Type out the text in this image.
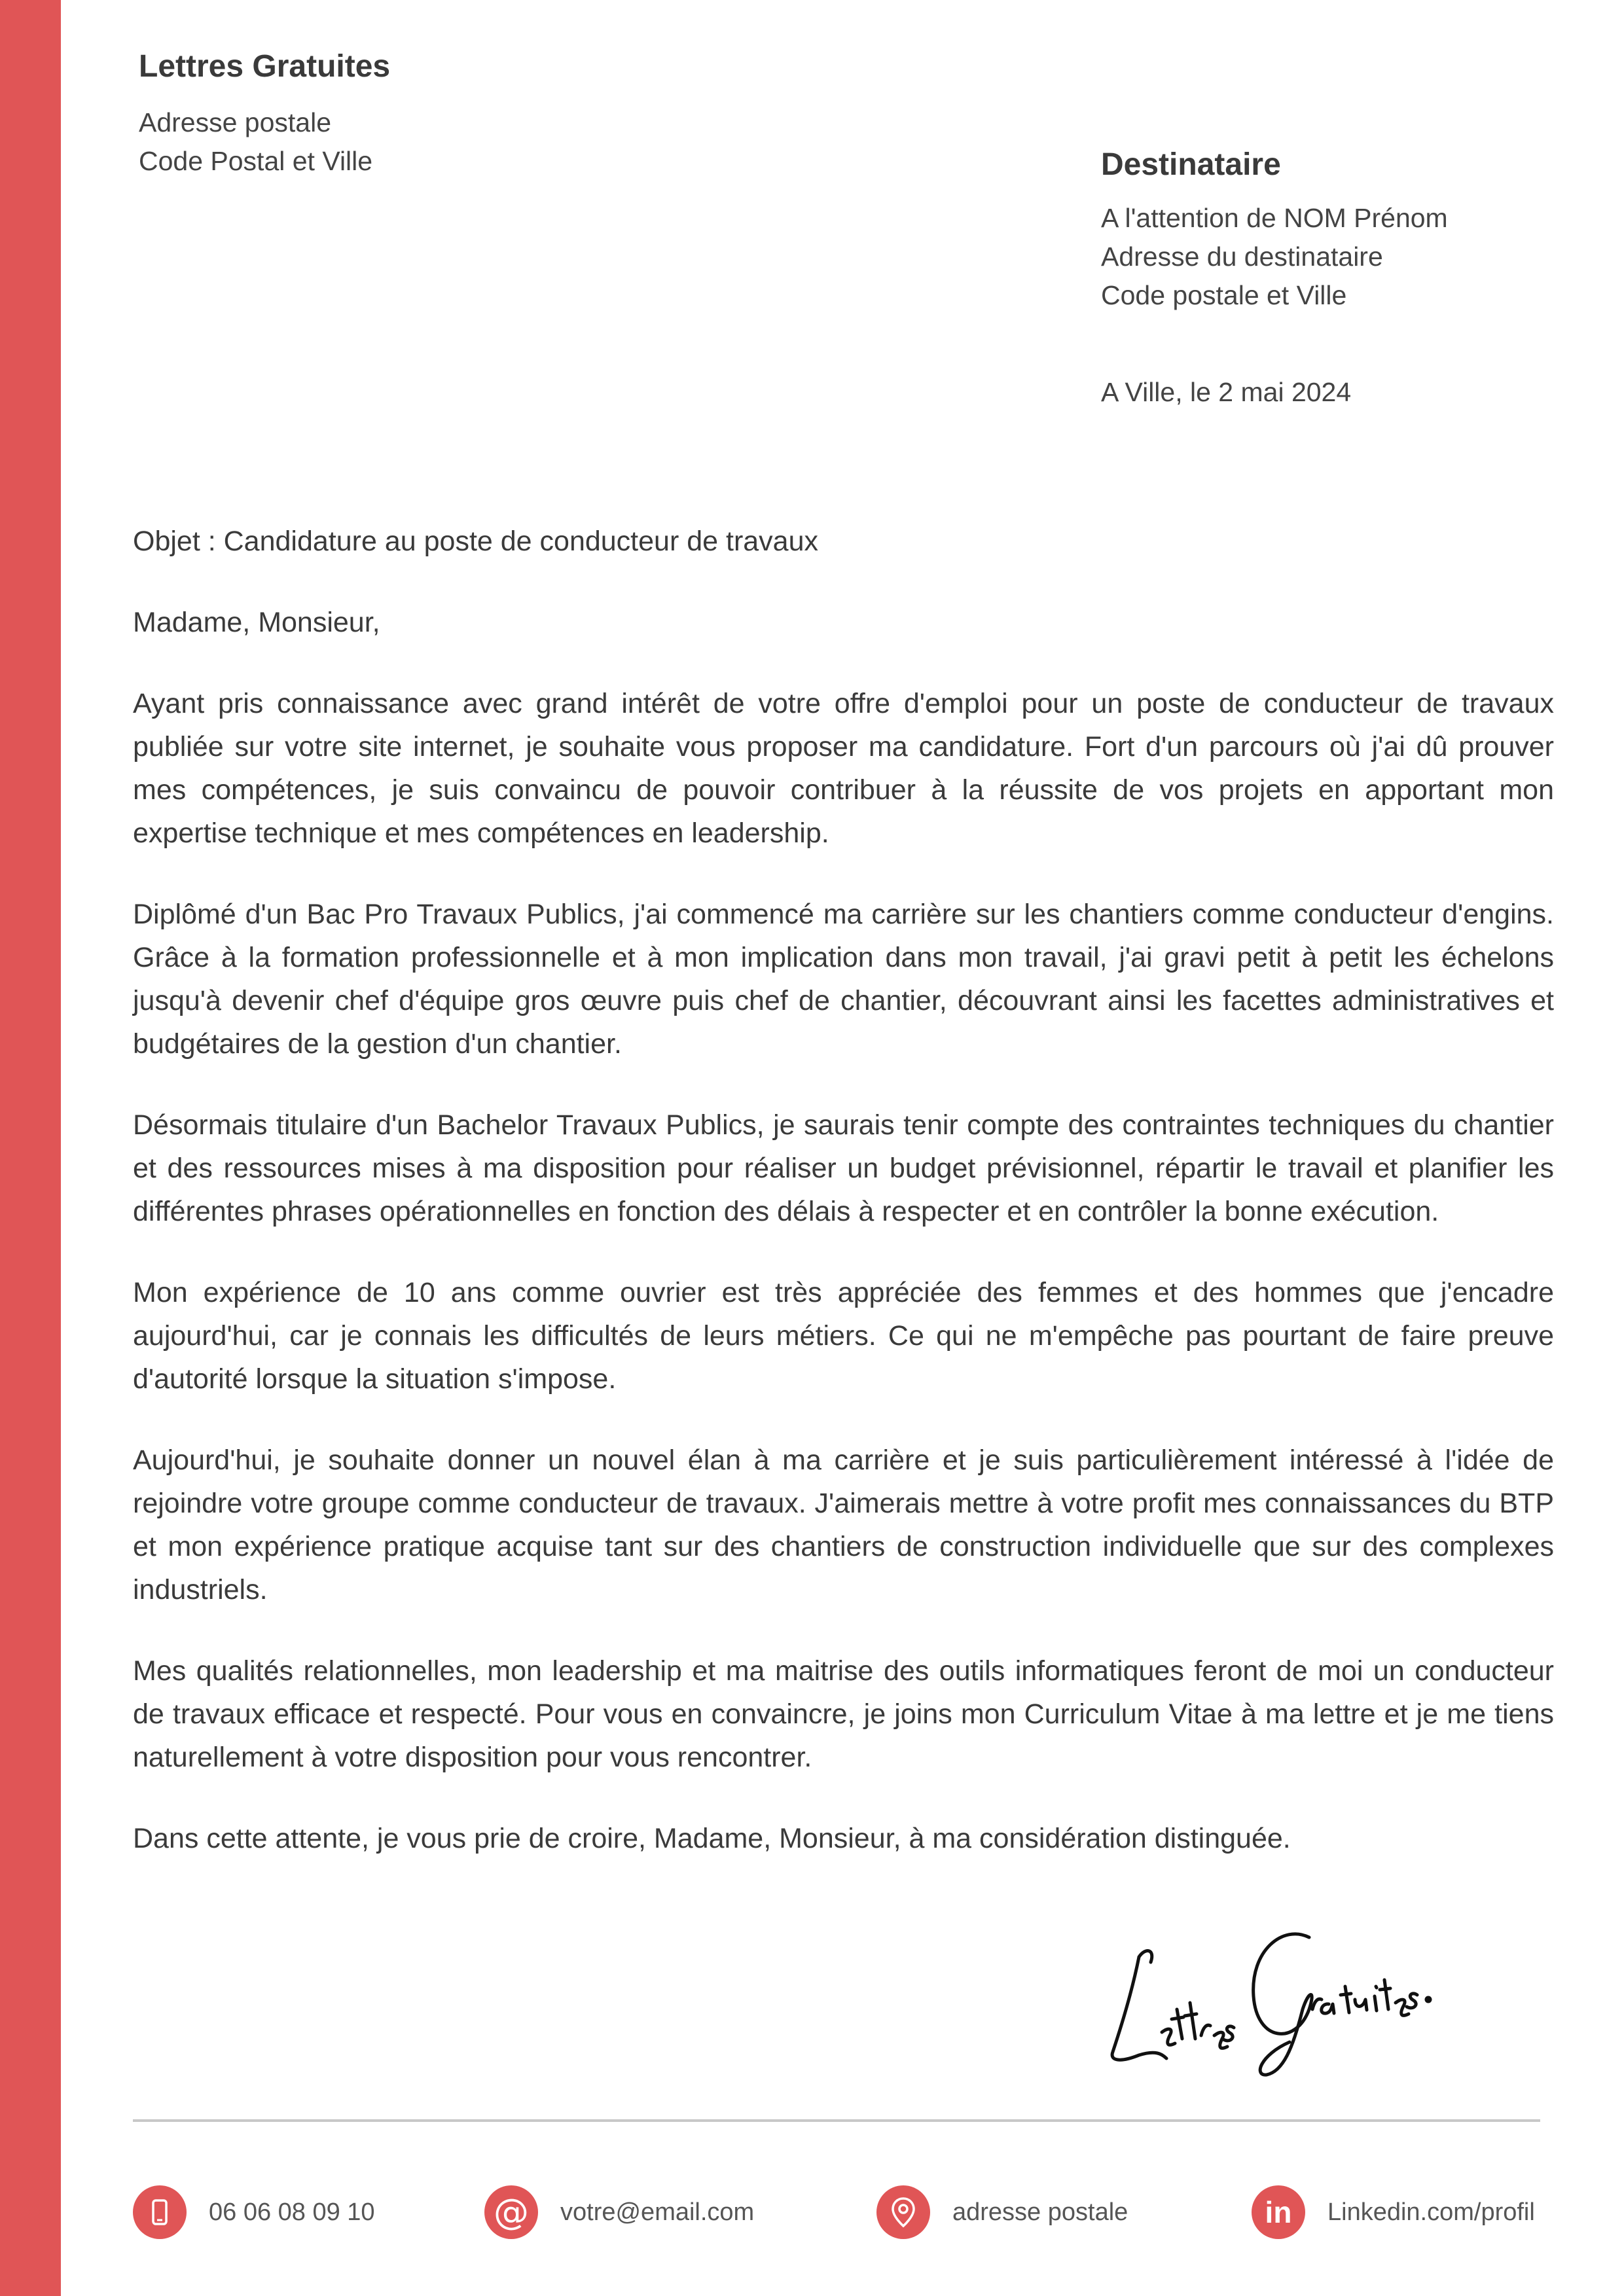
Lettres Gratuites
Adresse postale
Code Postal et Ville	Destinataire
A l'attention de NOM Prénom
Adresse du destinataire
Code postale et Ville
A Ville, le 2 mai 2024
Objet : Candidature au poste de conducteur de travaux
Madame, Monsieur,

Ayant pris connaissance avec grand intérêt de votre offre d'emploi pour un poste de conducteur de travaux publiée sur votre site internet, je souhaite vous proposer ma candidature. Fort d'un parcours où j'ai dû prouver mes compétences, je suis convaincu de pouvoir contribuer à la réussite de vos projets en apportant mon expertise technique et mes compétences en leadership.

Diplômé d'un Bac Pro Travaux Publics, j'ai commencé ma carrière sur les chantiers comme conducteur d'engins. Grâce à la formation professionnelle et à mon implication dans mon travail, j'ai gravi petit à petit les échelons jusqu'à devenir chef d'équipe gros œuvre puis chef de chantier, découvrant ainsi les facettes administratives et budgétaires de la gestion d'un chantier.

Désormais titulaire d'un Bachelor Travaux Publics, je saurais tenir compte des contraintes techniques du chantier et des ressources mises à ma disposition pour réaliser un budget prévisionnel, répartir le travail et planifier les différentes phrases opérationnelles en fonction des délais à respecter et en contrôler la bonne exécution.

Mon expérience de 10 ans comme ouvrier est très appréciée des femmes et des hommes que j'encadre aujourd'hui, car je connais les difficultés de leurs métiers. Ce qui ne m'empêche pas pourtant de faire preuve d'autorité lorsque la situation s'impose.

Aujourd'hui, je souhaite donner un nouvel élan à ma carrière et je suis particulièrement intéressé à l'idée de rejoindre votre groupe comme conducteur de travaux. J'aimerais mettre à votre profit mes connaissances du BTP et mon expérience pratique acquise tant sur des chantiers de construction individuelle que sur des complexes industriels.

Mes qualités relationnelles, mon leadership et ma maitrise des outils informatiques feront de moi un conducteur de travaux efficace et respecté. Pour vous en convaincre, je joins mon Curriculum Vitae à ma lettre et je me tiens naturellement à votre disposition pour vous rencontrer.

Dans cette attente, je vous prie de croire, Madame, Monsieur, à ma considération distinguée.

06 06 08 09 10	@ votre@email.com	adresse postale	in Linkedin.com/profil
